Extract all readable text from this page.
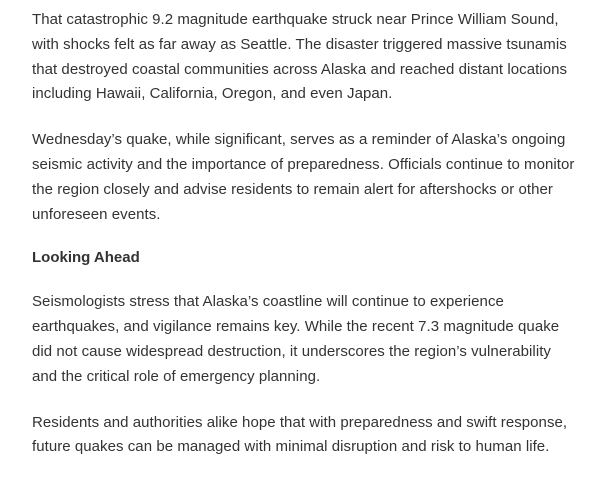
That catastrophic 9.2 magnitude earthquake struck near Prince William Sound, with shocks felt as far away as Seattle. The disaster triggered massive tsunamis that destroyed coastal communities across Alaska and reached distant locations including Hawaii, California, Oregon, and even Japan.

Wednesday’s quake, while significant, serves as a reminder of Alaska’s ongoing seismic activity and the importance of preparedness. Officials continue to monitor the region closely and advise residents to remain alert for aftershocks or other unforeseen events.

Looking Ahead

Seismologists stress that Alaska’s coastline will continue to experience earthquakes, and vigilance remains key. While the recent 7.3 magnitude quake did not cause widespread destruction, it underscores the region’s vulnerability and the critical role of emergency planning.

Residents and authorities alike hope that with preparedness and swift response, future quakes can be managed with minimal disruption and risk to human life.
